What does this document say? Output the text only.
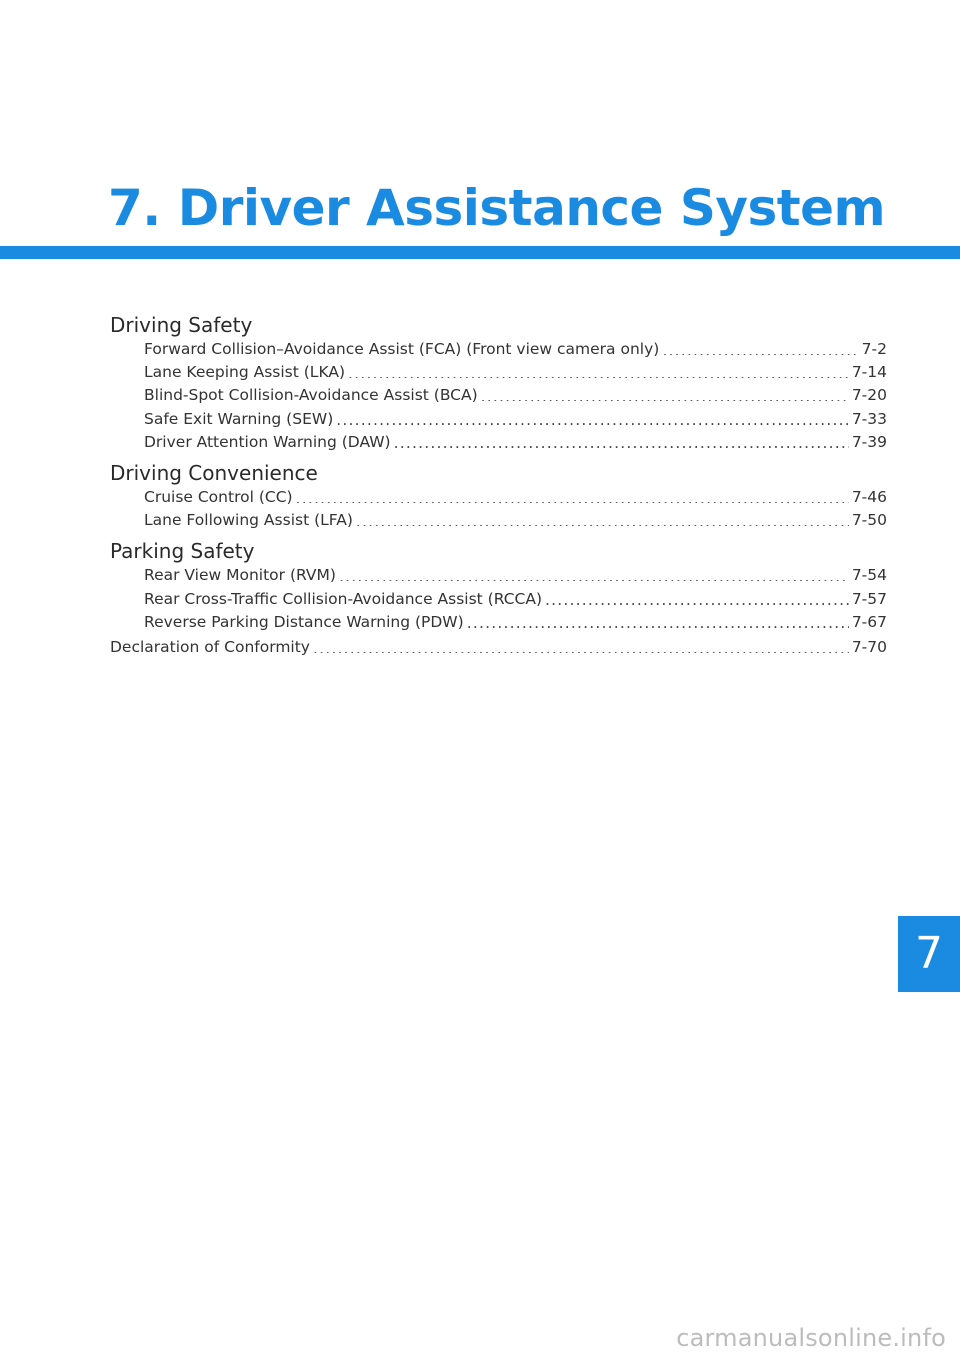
7. Driver Assistance System
Driving Safety
Forward Collision–Avoidance Assist (FCA) (Front view camera only) .....	7-2
Lane Keeping Assist (LKA) .....	7-14
Blind-Spot Collision-Avoidance Assist (BCA) .....	7-20
Safe Exit Warning (SEW) .....	7-33
Driver Attention Warning (DAW) .....	7-39
Driving Convenience
Cruise Control (CC) .....	7-46
Lane Following Assist (LFA) .....	7-50
Parking Safety
Rear View Monitor (RVM) .....	7-54
Rear Cross-Traffic Collision-Avoidance Assist (RCCA) .....	7-57
Reverse Parking Distance Warning (PDW) .....	7-67
Declaration of Conformity .....	7-70
7
carmanualsonline.info
